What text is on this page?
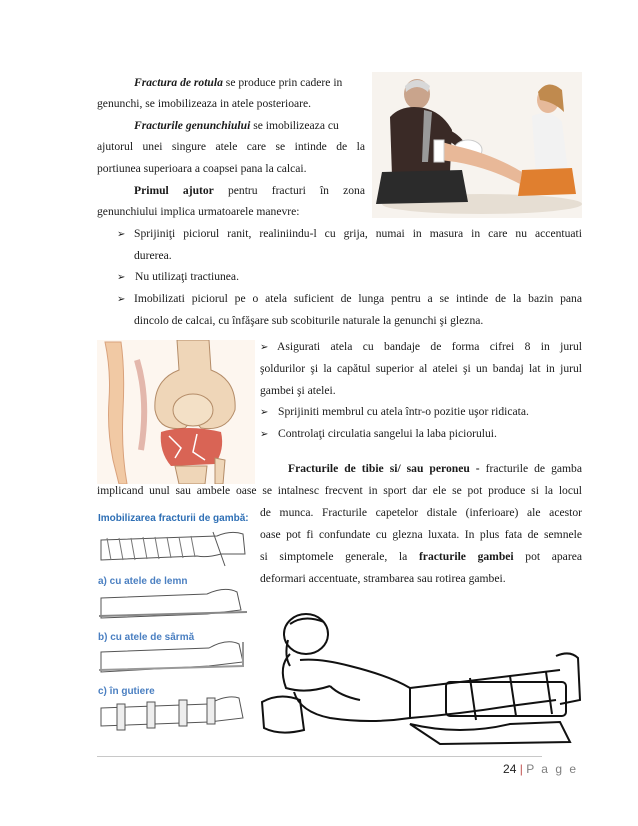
Fractura de rotula se produce prin cadere in
genunchi, se imobilizeaza in atele posterioare.
Fracturile genunchiului se imobilizeaza cu
ajutorul unei singure atele care se intinde de la
portiunea superioara a coapsei pana la calcai.
Primul ajutor pentru fracturi în zona
genunchiului implica urmatoarele manevre:
➢ Sprijiniţi piciorul ranit, realiniindu-l cu grija, numai in masura in care nu accentuati
durerea.
➢ Nu utilizaţi tractiunea.
➢ Imobilizati piciorul pe o atela suficient de lunga pentru a se intinde de la bazin pana
dincolo de calcai, cu înfăşare sub scobiturile naturale la genunchi şi glezna.
➢ Asigurati atela cu bandaje de forma cifrei 8 in jurul
şoldurilor şi la capătul superior al atelei şi un bandaj lat in jurul
gambei şi atelei.
➢ Sprijiniti membrul cu atela într-o pozitie uşor ridicata.
➢ Controlaţi circulatia sangelui la laba piciorului.
Fracturile de tibie si/ sau peroneu - fracturile de gamba
implicand unul sau ambele oase se intalnesc frecvent in sport dar ele se pot produce si la locul
de munca. Fracturile capetelor distale (inferioare) ale acestor
oase pot fi confundate cu glezna luxata. In plus fata de semnele
si simptomele generale, la fracturile gambei pot aparea
deformari accentuate, strambarea sau rotirea gambei.
Imobilizarea fracturii de gambă:
a) cu atele de lemn
b) cu atele de sârmă
c) în gutiere
24 | P a g e
